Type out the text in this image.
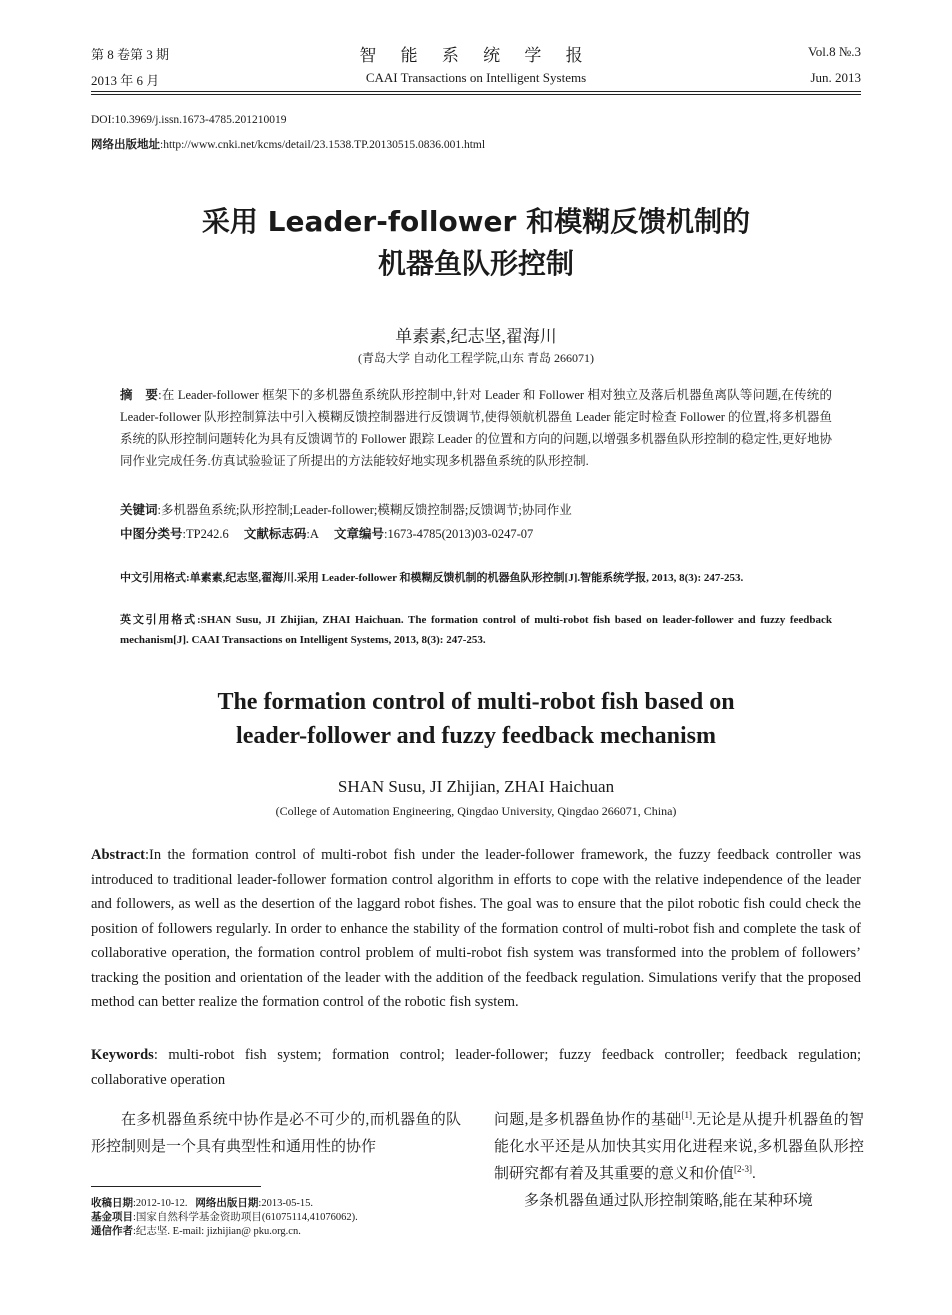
第 8 卷第 3 期	智 能 系 统 学 报	Vol.8 №.3
2013 年 6 月	CAAI Transactions on Intelligent Systems	Jun. 2013
DOI:10.3969/j.issn.1673-4785.201210019
网络出版地址:http://www.cnki.net/kcms/detail/23.1538.TP.20130515.0836.001.html
采用 Leader-follower 和模糊反馈机制的
机器鱼队形控制
单素素,纪志坚,翟海川
(青岛大学 自动化工程学院,山东 青岛 266071)
摘　要:在 Leader-follower 框架下的多机器鱼系统队形控制中,针对 Leader 和 Follower 相对独立及落后机器鱼离队等问题,在传统的 Leader-follower 队形控制算法中引入模糊反馈控制器进行反馈调节,使得领航机器鱼 Leader 能定时检查 Follower 的位置,将多机器鱼系统的队形控制问题转化为具有反馈调节的 Follower 跟踪 Leader 的位置和方向的问题,以增强多机器鱼队形控制的稳定性,更好地协同作业完成任务.仿真试验验证了所提出的方法能较好地实现多机器鱼系统的队形控制.
关键词:多机器鱼系统;队形控制;Leader-follower;模糊反馈控制器;反馈调节;协同作业
中图分类号:TP242.6 文献标志码:A 文章编号:1673-4785(2013)03-0247-07
中文引用格式:单素素,纪志坚,翟海川.采用 Leader-follower 和模糊反馈机制的机器鱼队形控制[J].智能系统学报, 2013, 8(3): 247-253.
英文引用格式:SHAN Susu, JI Zhijian, ZHAI Haichuan. The formation control of multi-robot fish based on leader-follower and fuzzy feedback mechanism[J]. CAAI Transactions on Intelligent Systems, 2013, 8(3): 247-253.
The formation control of multi-robot fish based on
leader-follower and fuzzy feedback mechanism
SHAN Susu, JI Zhijian, ZHAI Haichuan
(College of Automation Engineering, Qingdao University, Qingdao 266071, China)
Abstract:In the formation control of multi-robot fish under the leader-follower framework, the fuzzy feedback controller was introduced to traditional leader-follower formation control algorithm in efforts to cope with the relative independence of the leader and followers, as well as the desertion of the laggard robot fishes. The goal was to ensure that the pilot robotic fish could check the position of followers regularly. In order to enhance the stability of the formation control of multi-robot fish and complete the task of collaborative operation, the formation control problem of multi-robot fish system was transformed into the problem of followers’ tracking the position and orientation of the leader with the addition of the feedback regulation. Simulations verify that the proposed method can better realize the formation control of the robotic fish system.
Keywords: multi-robot fish system; formation control; leader-follower; fuzzy feedback controller; feedback regulation; collaborative operation
在多机器鱼系统中协作是必不可少的,而机器鱼的队形控制则是一个具有典型性和通用性的协作
问题,是多机器鱼协作的基础[1].无论是从提升机器鱼的智能化水平还是从加快其实用化进程来说,多机器鱼队形控制研究都有着及其重要的意义和价值[2-3].
多条机器鱼通过队形控制策略,能在某种环境
收稿日期:2012-10-12. 网络出版日期:2013-05-15.
基金项目:国家自然科学基金资助项目(61075114,41076062).
通信作者:纪志坚. E-mail: jizhijian@ pku.org.cn.
